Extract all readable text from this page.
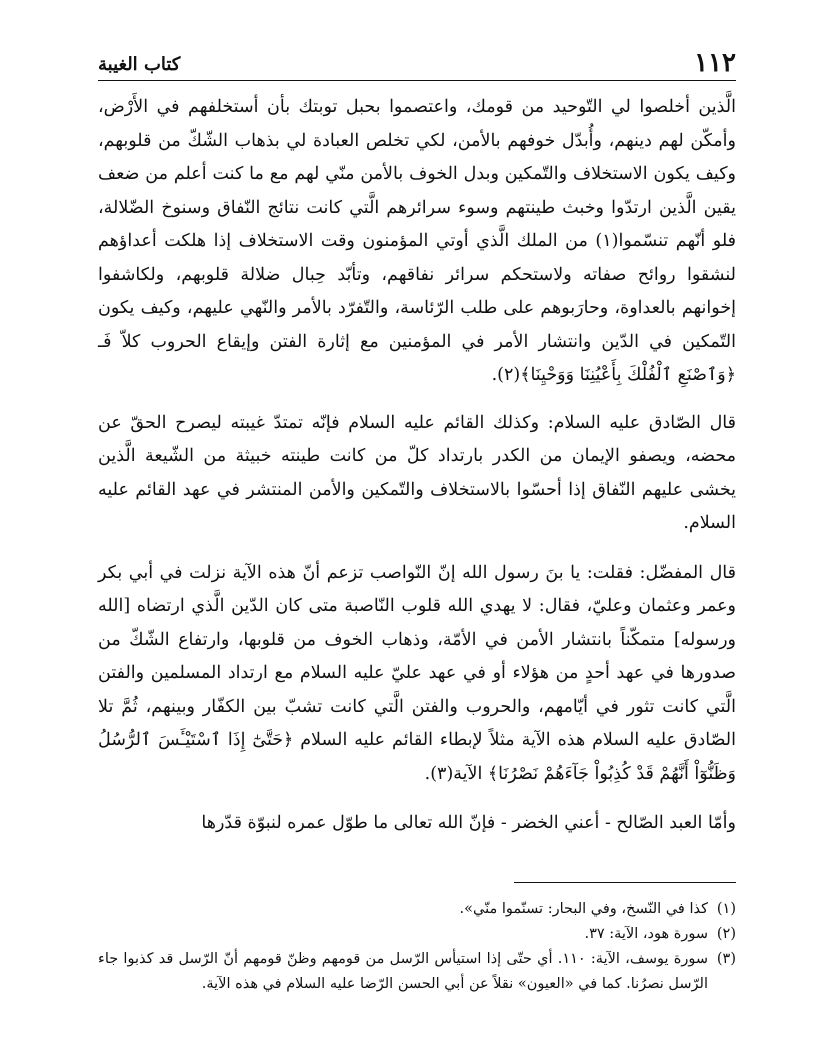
١١٢
كتاب الغيبة

الَّذين أخلصوا لي التّوحيد من قومك، واعتصموا بحبل توبتك بأن أستخلفهم في الأَرْض، وأمكّن لهم دينهم، وأُبدّل خوفهم بالأمن، لكي تخلص العبادة لي بذهاب الشّكّ من قلوبهم، وكيف يكون الاستخلاف والتّمكين وبدل الخوف بالأمن منّي لهم مع ما كنت أعلم من ضعف يقين الَّذين ارتدّوا وخبث طينتهم وسوء سرائرهم الَّتي كانت نتائج النّفاق وسنوخ الضّلالة، فلو أنّهم تنسّموا(١) من الملك الَّذي أوتي المؤمنون وقت الاستخلاف إذا هلكت أعداؤهم لنشقوا روائح صفاته ولاستحكم سرائر نفاقهم، وتأبّد حِبال ضلالة قلوبهم، ولكاشفوا إخوانهم بالعداوة، وحارَبوهم على طلب الرّئاسة، والتّفرّد بالأمر والنّهي عليهم، وكيف يكون التّمكين في الدّين وانتشار الأمر في المؤمنين مع إثارة الفتن وإيقاع الحروب كلاّ فَـ ﴿وَٱصْنَعِ ٱلْفُلْكَ بِأَعْيُنِنَا وَوَحْيِنَا﴾(٢).

قال الصّادق عليه السلام: وكذلك القائم عليه السلام فإنّه تمتدّ غيبته ليصرح الحقّ عن محضه، ويصفو الإيمان من الكدر بارتداد كلّ من كانت طينته خبيثة من الشّيعة الَّذين يخشى عليهم النّفاق إذا أحسّوا بالاستخلاف والتّمكين والأمن المنتشر في عهد القائم عليه السلام.

قال المفضّل: فقلت: يا بنَ رسول الله إنّ النّواصب تزعم أنّ هذه الآية نزلت في أبي بكر وعمر وعثمان وعليّ، فقال: لا يهدي الله قلوب النّاصبة متى كان الدّين الَّذي ارتضاه [الله ورسوله] متمكّناً بانتشار الأمن في الأمّة، وذهاب الخوف من قلوبها، وارتفاع الشّكّ من صدورها في عهد أحدٍ من هؤلاء أو في عهد عليّ عليه السلام مع ارتداد المسلمين والفتن الَّتي كانت تثور في أيّامهم، والحروب والفتن الَّتي كانت تشبّ بين الكفّار وبينهم، ثُمَّ تلا الصّادق عليه السلام هذه الآية مثلاً لإبطاء القائم عليه السلام ﴿حَتَّىٰٓ إِذَا ٱسْتَيْـَٔسَ ٱلرُّسُلُ وَظَنُّوٓاْ أَنَّهُمْ قَدْ كُذِبُواْ جَآءَهُمْ نَصْرُنَا﴾ الآية(٣).

وأمّا العبد الصّالح - أعني الخضر - فإنّ الله تعالى ما طوّل عمره لنبوّة قدّرها

(١)
كذا في النّسخ، وفي البحار: تسنّموا منّي».
(٢)
سورة هود، الآية: ٣٧.
(٣)
سورة يوسف، الآية: ١١٠. أي حتّى إذا استيأس الرّسل من قومهم وظنّ قومهم أنّ الرّسل قد كذبوا جاء الرّسل نصرُنا. كما في «العيون» نقلاً عن أبي الحسن الرّضا عليه السلام في هذه الآية.
